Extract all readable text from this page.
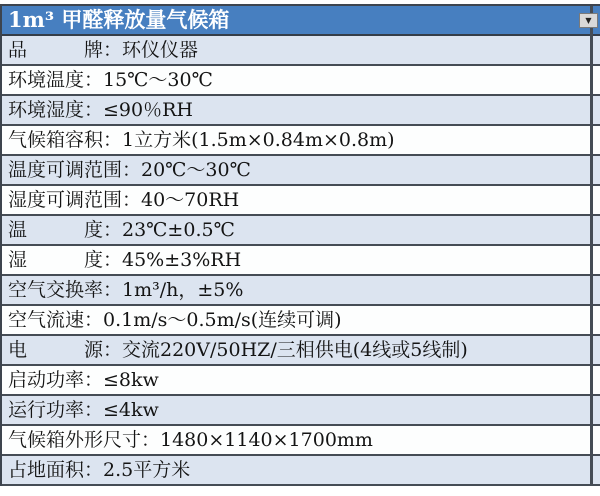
1m³ 甲醛释放量气候箱	▼
品　　　牌：环仪仪器
环境温度：15℃～30℃
环境湿度：≤90％RH
气候箱容积：1立方米(1.5m×0.84m×0.8m)
温度可调范围：20℃～30℃
湿度可调范围：40～70RH
温　　　度：23℃±0.5℃
湿　　　度：45%±3%RH
空气交换率：1m³/h，±5%
空气流速：0.1m/s～0.5m/s(连续可调)
电　　　源：交流220V/50HZ/三相供电(4线或5线制)
启动功率：≤8kw
运行功率：≤4kw
气候箱外形尺寸：1480×1140×1700mm
占地面积：2.5平方米
